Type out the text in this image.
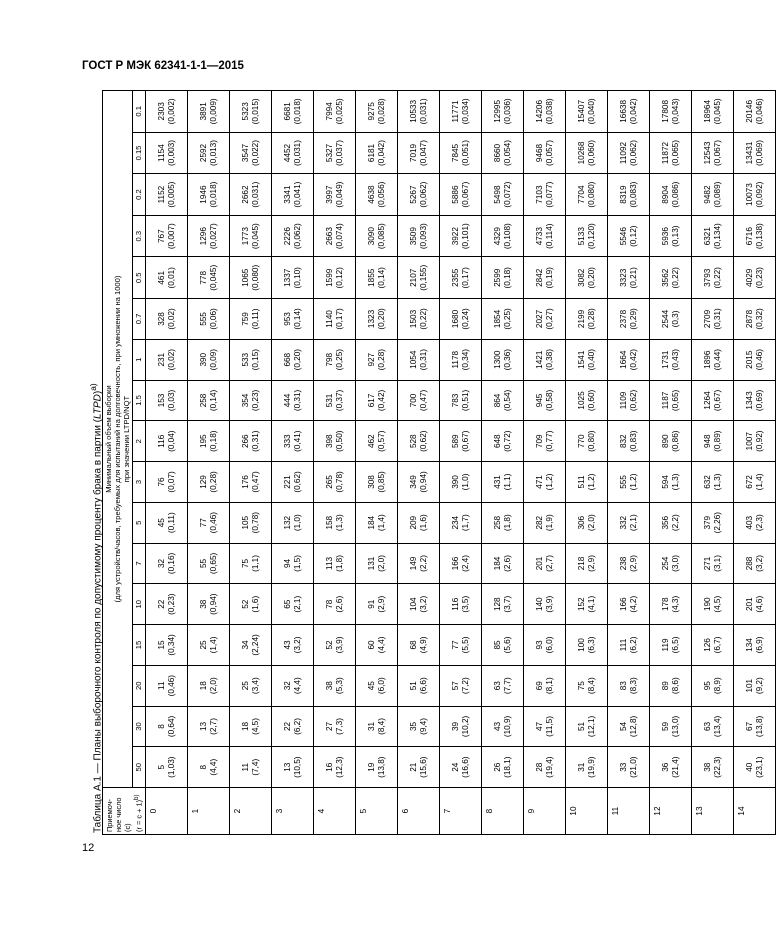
ГОСТ Р МЭК 62341-1-1—2015
12
Таблица А.1 — Планы выборочного контроля по допустимому проценту брака в партии (LTPD)$^{a)}$
Приемоч-
ное число
(c) (r = c + 1)$^{b)}$	Минимальный объем выборки
(для устройств/часов, требуемых для испытаний на долговечность, при умножении на 1000)
при значении LTPD/NQT																
	50	30	20	15	10	7	5	3	2	1.5	1	0.7	0.5	0.3	0.2	0.15	0.1
0	5 (1,03)	8 (0,64)	11 (0,46)	15 (0,34)	22 (0,23)	32 (0,16)	45 (0,11)	76 (0,07)	116 (0,04)	153 (0,03)	231 (0,02)	328 (0,02)	461 (0,01)	767 (0,007)	1152 (0,005)	1154 (0,003)	2303 (0,002)

1	8 (4,4)	13 (2,7)	18 (2,0)	25 (1,4)	38 (0,94)	55 (0,65)	77 (0,46)	129 (0,28)	195 (0,18)	258 (0,14)	390 (0,09)	555 (0,06)	778 (0,045)	1296 (0,027)	1946 (0,018)	2592 (0,013)	3891 (0,009)

2	11 (7,4)	18 (4,5)	25 (3,4)	34 (2,24)	52 (1,6)	75 (1,1)	105 (0,78)	176 (0,47)	266 (0,31)	354 (0,23)	533 (0,15)	759 (0,11)	1065 (0,080)	1773 (0,045)	2662 (0,031)	3547 (0,022)	5323 (0,015)

3	13 (10,5)	22 (6,2)	32 (4,4)	43 (3,2)	65 (2,1)	94 (1,5)	132 (1,0)	221 (0,62)	333 (0,41)	444 (0,31)	668 (0,20)	953 (0,14)	1337 (0,10)	2226 (0,062)	3341 (0,041)	4452 (0,031)	6681 (0,018)

4	16 (12,3)	27 (7,3)	38 (5,3)	52 (3,9)	78 (2,6)	113 (1,8)	158 (1,3)	265 (0,78)	398 (0,50)	531 (0,37)	798 (0,25)	1140 (0,17)	1599 (0,12)	2663 (0,074)	3997 (0,049)	5327 (0,037)	7994 (0,025)

5	19 (13,8)	31 (8,4)	45 (6,0)	60 (4,4)	91 (2,9)	131 (2,0)	184 (1,4)	308 (0,85)	462 (0,57)	617 (0,42)	927 (0,28)	1323 (0,20)	1855 (0,14)	3090 (0,085)	4638 (0,056)	6181 (0,042)	9275 (0,028)

6	21 (15,6)	35 (9,4)	51 (6,6)	68 (4,9)	104 (3,2)	149 (2,2)	209 (1,6)	349 (0,94)	528 (0,62)	700 (0,47)	1054 (0,31)	1503 (0,22)	2107 (0,155)	3509 (0,093)	5267 (0,062)	7019 (0,047)	10533 (0,031)

7	24 (16,6)	39 (10,2)	57 (7,2)	77 (5,5)	116 (3,5)	166 (2,4)	234 (1,7)	390 (1,0)	589 (0,67)	783 (0,51)	1178 (0,34)	1680 (0,24)	2355 (0,17)	3922 (0,101)	5886 (0,067)	7845 (0,051)	11771 (0,034)

8	26 (18,1)	43 (10,9)	63 (7,7)	85 (5,6)	128 (3,7)	184 (2,6)	258 (1,8)	431 (1,1)	648 (0,72)	864 (0,54)	1300 (0,36)	1854 (0,25)	2599 (0,18)	4329 (0,108)	5498 (0,072)	8660 (0,054)	12995 (0,036)

9	28 (19,4)	47 (11,5)	69 (8,1)	93 (6,0)	140 (3,9)	201 (2,7)	282 (1,9)	471 (1,2)	709 (0,77)	945 (0,58)	1421 (0,38)	2027 (0,27)	2842 (0,19)	4733 (0,114)	7103 (0,077)	9468 (0,057)	14206 (0,038)

10	31 (19,9)	51 (12,1)	75 (8,4)	100 (6,3)	152 (4,1)	218 (2,9)	306 (2,0)	511 (1,2)	770 (0,80)	1025 (0,60)	1541 (0,40)	2199 (0,28)	3082 (0,20)	5133 (0,120)	7704 (0,080)	10268 (0,060)	15407 (0,040)

11	33 (21,0)	54 (12,8)	83 (8,3)	111 (6,2)	166 (4,2)	238 (2,9)	332 (2,1)	555 (1,2)	832 (0,83)	1109 (0,62)	1664 (0,42)	2378 (0,29)	3323 (0,21)	5546 (0,12)	8319 (0,083)	11092 (0,062)	16638 (0,042)

12	36 (21,4)	59 (13,0)	89 (8,6)	119 (6,5)	178 (4,3)	254 (3,0)	356 (2,2)	594 (1,3)	890 (0,86)	1187 (0,65)	1731 (0,43)	2544 (0,3)	3562 (0,22)	5936 (0,13)	8904 (0,086)	11872 (0,065)	17808 (0,043)

13	38 (22,3)	63 (13,4)	95 (8,9)	126 (6,7)	190 (4,5)	271 (3,1)	379 (2,26)	632 (1,3)	948 (0,89)	1264 (0,67)	1896 (0,44)	2709 (0,31)	3793 (0,22)	6321 (0,134)	9482 (0,089)	12543 (0,067)	18964 (0,045)

14	40 (23,1)	67 (13,8)	101 (9,2)	134 (6,9)	201 (4,6)	288 (3,2)	403 (2,3)	672 (1,4)	1007 (0,92)	1343 (0,69)	2015 (0,46)	2878 (0,32)	4029 (0,23)	6716 (0,138)	10073 (0,092)	13431 (0,069)	20146 (0,046)
